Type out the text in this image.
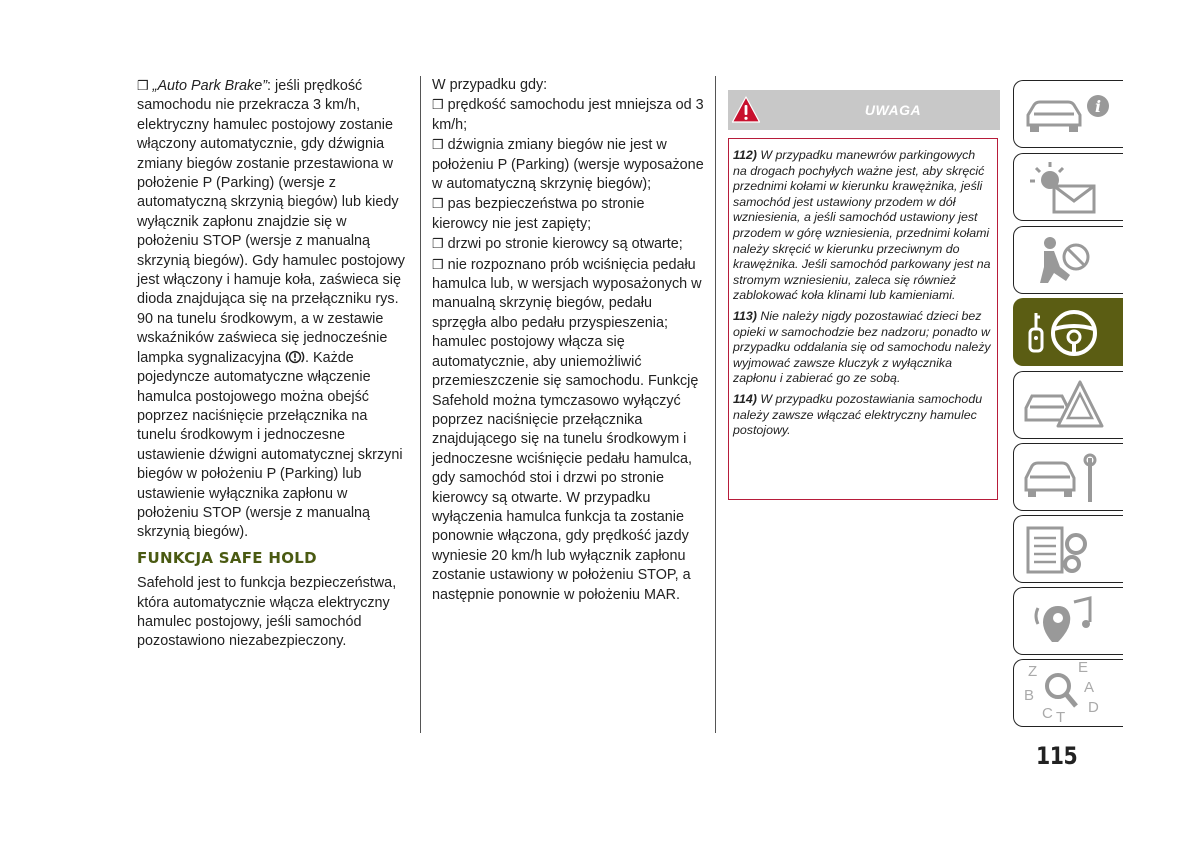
❒ „Auto Park Brake”: jeśli prędkość samochodu nie przekracza 3 km/h, elektryczny hamulec postojowy zostanie włączony automatycznie, gdy dźwignia zmiany biegów zostanie przestawiona w położenie P (Parking) (wersje z automatyczną skrzynią biegów) lub kiedy wyłącznik zapłonu znajdzie się w położeniu STOP (wersje z manualną skrzynią biegów). Gdy hamulec postojowy jest włączony i hamuje koła, zaświeca się dioda znajdująca się na przełączniku rys. 90 na tunelu środkowym, a w zestawie wskaźników zaświeca się jednocześnie lampka sygnalizacyjna . Każde pojedyncze automatyczne włączenie hamulca postojowego można obejść poprzez naciśnięcie przełącznika na tunelu środkowym i jednoczesne ustawienie dźwigni automatycznej skrzyni biegów w położeniu P (Parking) lub ustawienie wyłącznika zapłonu w położeniu STOP (wersje z manualną skrzynią biegów).

FUNKCJA SAFE HOLD

Safehold jest to funkcja bezpieczeństwa, która automatycznie włącza elektryczny hamulec postojowy, jeśli samochód pozostawiono niezabezpieczony.

W przypadku gdy:

❒ prędkość samochodu jest mniejsza od 3 km/h;

❒ dźwignia zmiany biegów nie jest w położeniu P (Parking) (wersje wyposażone w automatyczną skrzynię biegów);

❒ pas bezpieczeństwa po stronie kierowcy nie jest zapięty;

❒ drzwi po stronie kierowcy są otwarte;

❒ nie rozpoznano prób wciśnięcia pedału hamulca lub, w wersjach wyposażonych w manualną skrzynię biegów, pedału sprzęgła albo pedału przyspieszenia;

hamulec postojowy włącza się automatycznie, aby uniemożliwić przemieszczenie się samochodu. Funkcję Safehold można tymczasowo wyłączyć poprzez naciśnięcie przełącznika znajdującego się na tunelu środkowym i jednoczesne wciśnięcie pedału hamulca, gdy samochód stoi i drzwi po stronie kierowcy są otwarte. W przypadku wyłączenia hamulca funkcja ta zostanie ponownie włączona, gdy prędkość jazdy wyniesie 20 km/h lub wyłącznik zapłonu zostanie ustawiony w położeniu STOP, a następnie ponownie w położeniu MAR.

UWAGA

112) W przypadku manewrów parkingowych na drogach pochyłych ważne jest, aby skręcić przednimi kołami w kierunku krawężnika, jeśli samochód jest ustawiony przodem w dół wzniesienia, a jeśli samochód ustawiony jest przodem w górę wzniesienia, przednimi kołami należy skręcić w kierunku przeciwnym do krawężnika. Jeśli samochód parkowany jest na stromym wzniesieniu, zaleca się również zablokować koła klinami lub kamieniami.

113) Nie należy nigdy pozostawiać dzieci bez opieki w samochodzie bez nadzoru; ponadto w przypadku oddalania się od samochodu należy wyjmować zawsze kluczyk z wyłącznika zapłonu i zabierać go ze sobą.

114) W przypadku pozostawiania samochodu należy zawsze włączać elektryczny hamulec postojowy.

i
Z	E
B	A
C T
D
115
